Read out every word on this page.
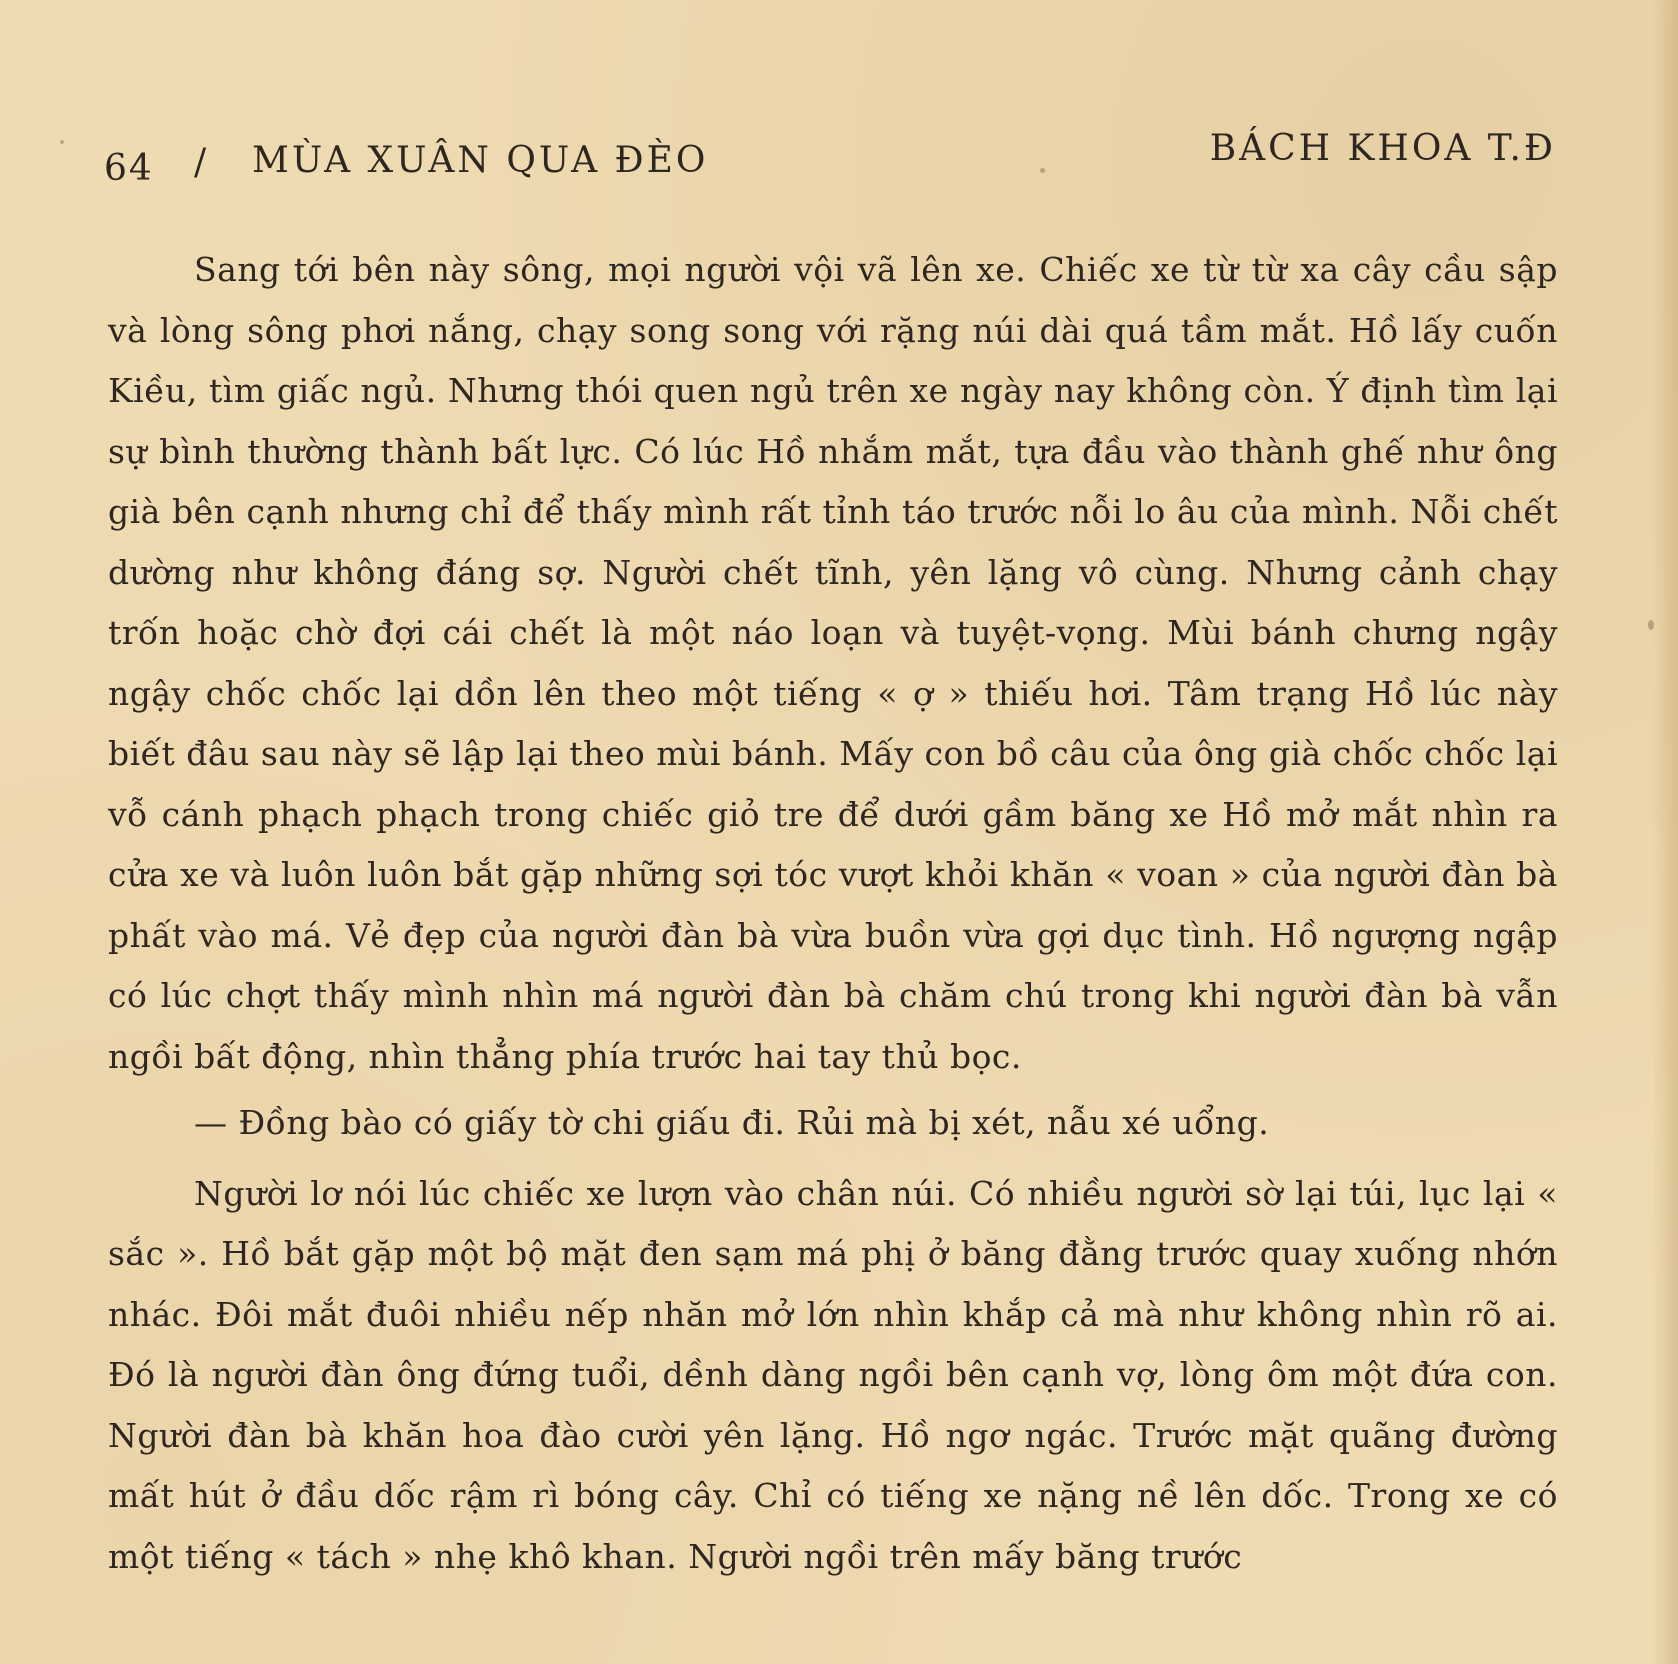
64 / MÙA XUÂN QUA ĐÈO	BÁCH KHOA T.Đ

Sang tới bên này sông, mọi người vội vã lên xe. Chiếc xe từ từ xa cây cầu sập và lòng sông phơi nắng, chạy song song với rặng núi dài quá tầm mắt. Hồ lấy cuốn Kiều, tìm giấc ngủ. Nhưng thói quen ngủ trên xe ngày nay không còn. Ý định tìm lại sự bình thường thành bất lực. Có lúc Hồ nhắm mắt, tựa đầu vào thành ghế như ông già bên cạnh nhưng chỉ để thấy mình rất tỉnh táo trước nỗi lo âu của mình. Nỗi chết dường như không đáng sợ. Người chết tĩnh, yên lặng vô cùng. Nhưng cảnh chạy trốn hoặc chờ đợi cái chết là một náo loạn và tuyệt-vọng. Mùi bánh chưng ngậy ngậy chốc chốc lại dồn lên theo một tiếng « ợ » thiếu hơi. Tâm trạng Hồ lúc này biết đâu sau này sẽ lập lại theo mùi bánh. Mấy con bồ câu của ông già chốc chốc lại vỗ cánh phạch phạch trong chiếc giỏ tre để dưới gầm băng xe Hồ mở mắt nhìn ra cửa xe và luôn luôn bắt gặp những sợi tóc vượt khỏi khăn « voan » của người đàn bà phất vào má. Vẻ đẹp của người đàn bà vừa buồn vừa gợi dục tình. Hồ ngượng ngập có lúc chợt thấy mình nhìn má người đàn bà chăm chú trong khi người đàn bà vẫn ngồi bất động, nhìn thẳng phía trước hai tay thủ bọc.

— Đồng bào có giấy tờ chi giấu đi. Rủi mà bị xét, nẫu xé uổng.

Người lơ nói lúc chiếc xe lượn vào chân núi. Có nhiều người sờ lại túi, lục lại « sắc ». Hồ bắt gặp một bộ mặt đen sạm má phị ở băng đằng trước quay xuống nhớn nhác. Đôi mắt đuôi nhiều nếp nhăn mở lớn nhìn khắp cả mà như không nhìn rõ ai. Đó là người đàn ông đứng tuổi, dềnh dàng ngồi bên cạnh vợ, lòng ôm một đứa con. Người đàn bà khăn hoa đào cười yên lặng. Hồ ngơ ngác. Trước mặt quãng đường mất hút ở đầu dốc rậm rì bóng cây. Chỉ có tiếng xe nặng nề lên dốc. Trong xe có một tiếng « tách » nhẹ khô khan. Người ngồi trên mấy băng trước
